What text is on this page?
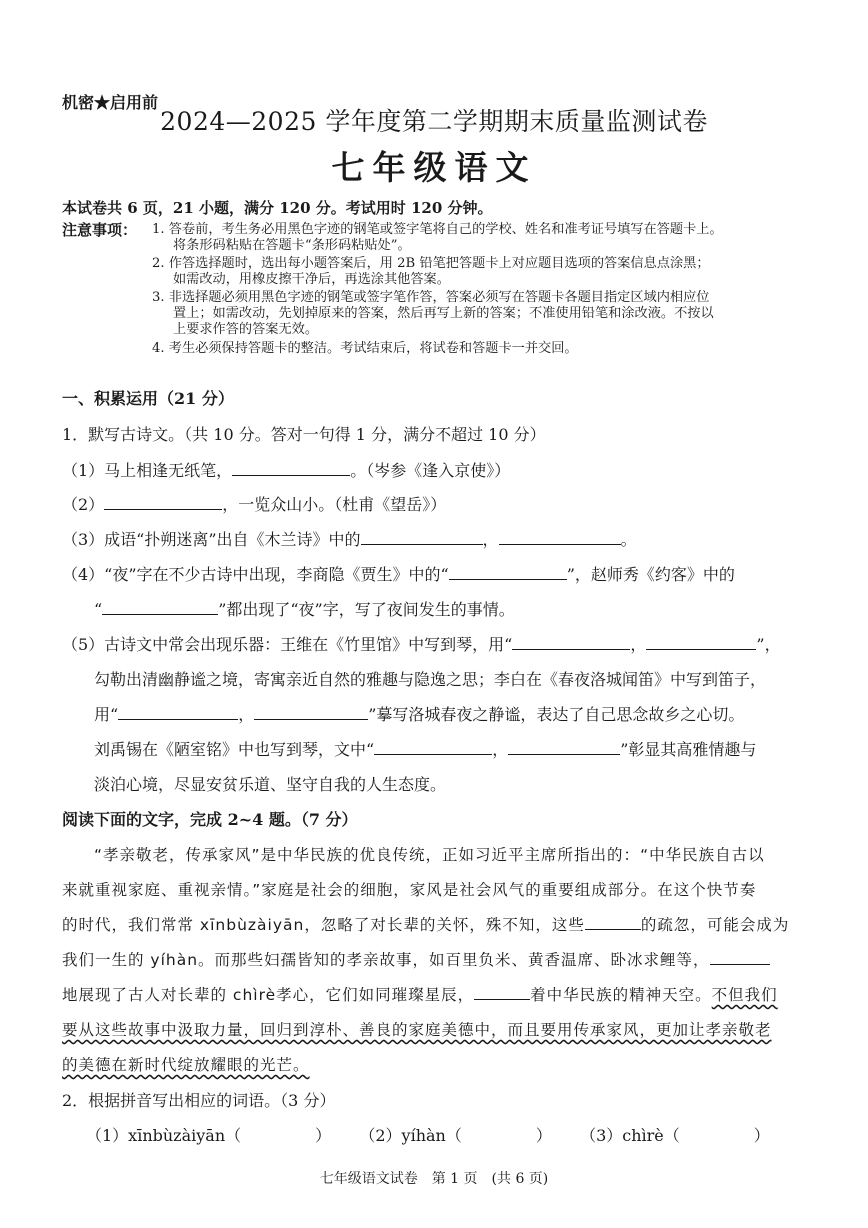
机密★启用前
2024—2025 学年度第二学期期末质量监测试卷
七年级语文
本试卷共 6 页，21 小题，满分 120 分。考试用时 120 分钟。
注意事项： 1. 答卷前，考生务必用黑色字迹的钢笔或签字笔将自己的学校、姓名和准考证号填写在答题卡上。
将条形码粘贴在答题卡“条形码粘贴处”。
2. 作答选择题时，选出每小题答案后，用 2B 铅笔把答题卡上对应题目选项的答案信息点涂黑；
如需改动，用橡皮擦干净后，再选涂其他答案。
3. 非选择题必须用黑色字迹的钢笔或签字笔作答，答案必须写在答题卡各题目指定区域内相应位
置上；如需改动，先划掉原来的答案，然后再写上新的答案；不准使用铅笔和涂改液。不按以
上要求作答的答案无效。
4. 考生必须保持答题卡的整洁。考试结束后，将试卷和答题卡一并交回。
一、积累运用（21 分）
1．默写古诗文。（共 10 分。答对一句得 1 分，满分不超过 10 分）
（1）马上相逢无纸笔，	。（岑参《逢入京使》）
（2）	，一览众山小。（杜甫《望岳》）
（3）成语“扑朔迷离”出自《木兰诗》中的	，	。
（4）“夜”字在不少古诗中出现，李商隐《贾生》中的“	”，赵师秀《约客》中的
“	”都出现了“夜”字，写了夜间发生的事情。
（5）古诗文中常会出现乐器：王维在《竹里馆》中写到琴，用“	，	”，
勾勒出清幽静谧之境，寄寓亲近自然的雅趣与隐逸之思；李白在《春夜洛城闻笛》中写到笛子，
用“	，	”摹写洛城春夜之静谧，表达了自己思念故乡之心切。
刘禹锡在《陋室铭》中也写到琴，文中“	，	”彰显其高雅情趣与
淡泊心境，尽显安贫乐道、坚守自我的人生态度。
阅读下面的文字，完成 2~4 题。（7 分）
“孝亲敬老，传承家风”是中华民族的优良传统，正如习近平主席所指出的：“中华民族自古以
来就重视家庭、重视亲情。”家庭是社会的细胞，家风是社会风气的重要组成部分。在这个快节奏
的时代，我们常常 xīnbùzàiyān，忽略了对长辈的关怀，殊不知，这些	的疏忽，可能会成为
我们一生的 yíhàn。而那些妇孺皆知的孝亲故事，如百里负米、黄香温席、卧冰求鲤等，
地展现了古人对长辈的 chìrè孝心，它们如同璀璨星辰，	着中华民族的精神天空。不但我们
要从这些故事中汲取力量，回归到淳朴、善良的家庭美德中，而且要用传承家风，更加让孝亲敬老
的美德在新时代绽放耀眼的光芒。
2．根据拼音写出相应的词语。（3 分）
（1）xīnbùzàiyān（	） （2）yíhàn（	） （3）chìrè（	）
七年级语文试卷　第 1 页　(共 6 页)
